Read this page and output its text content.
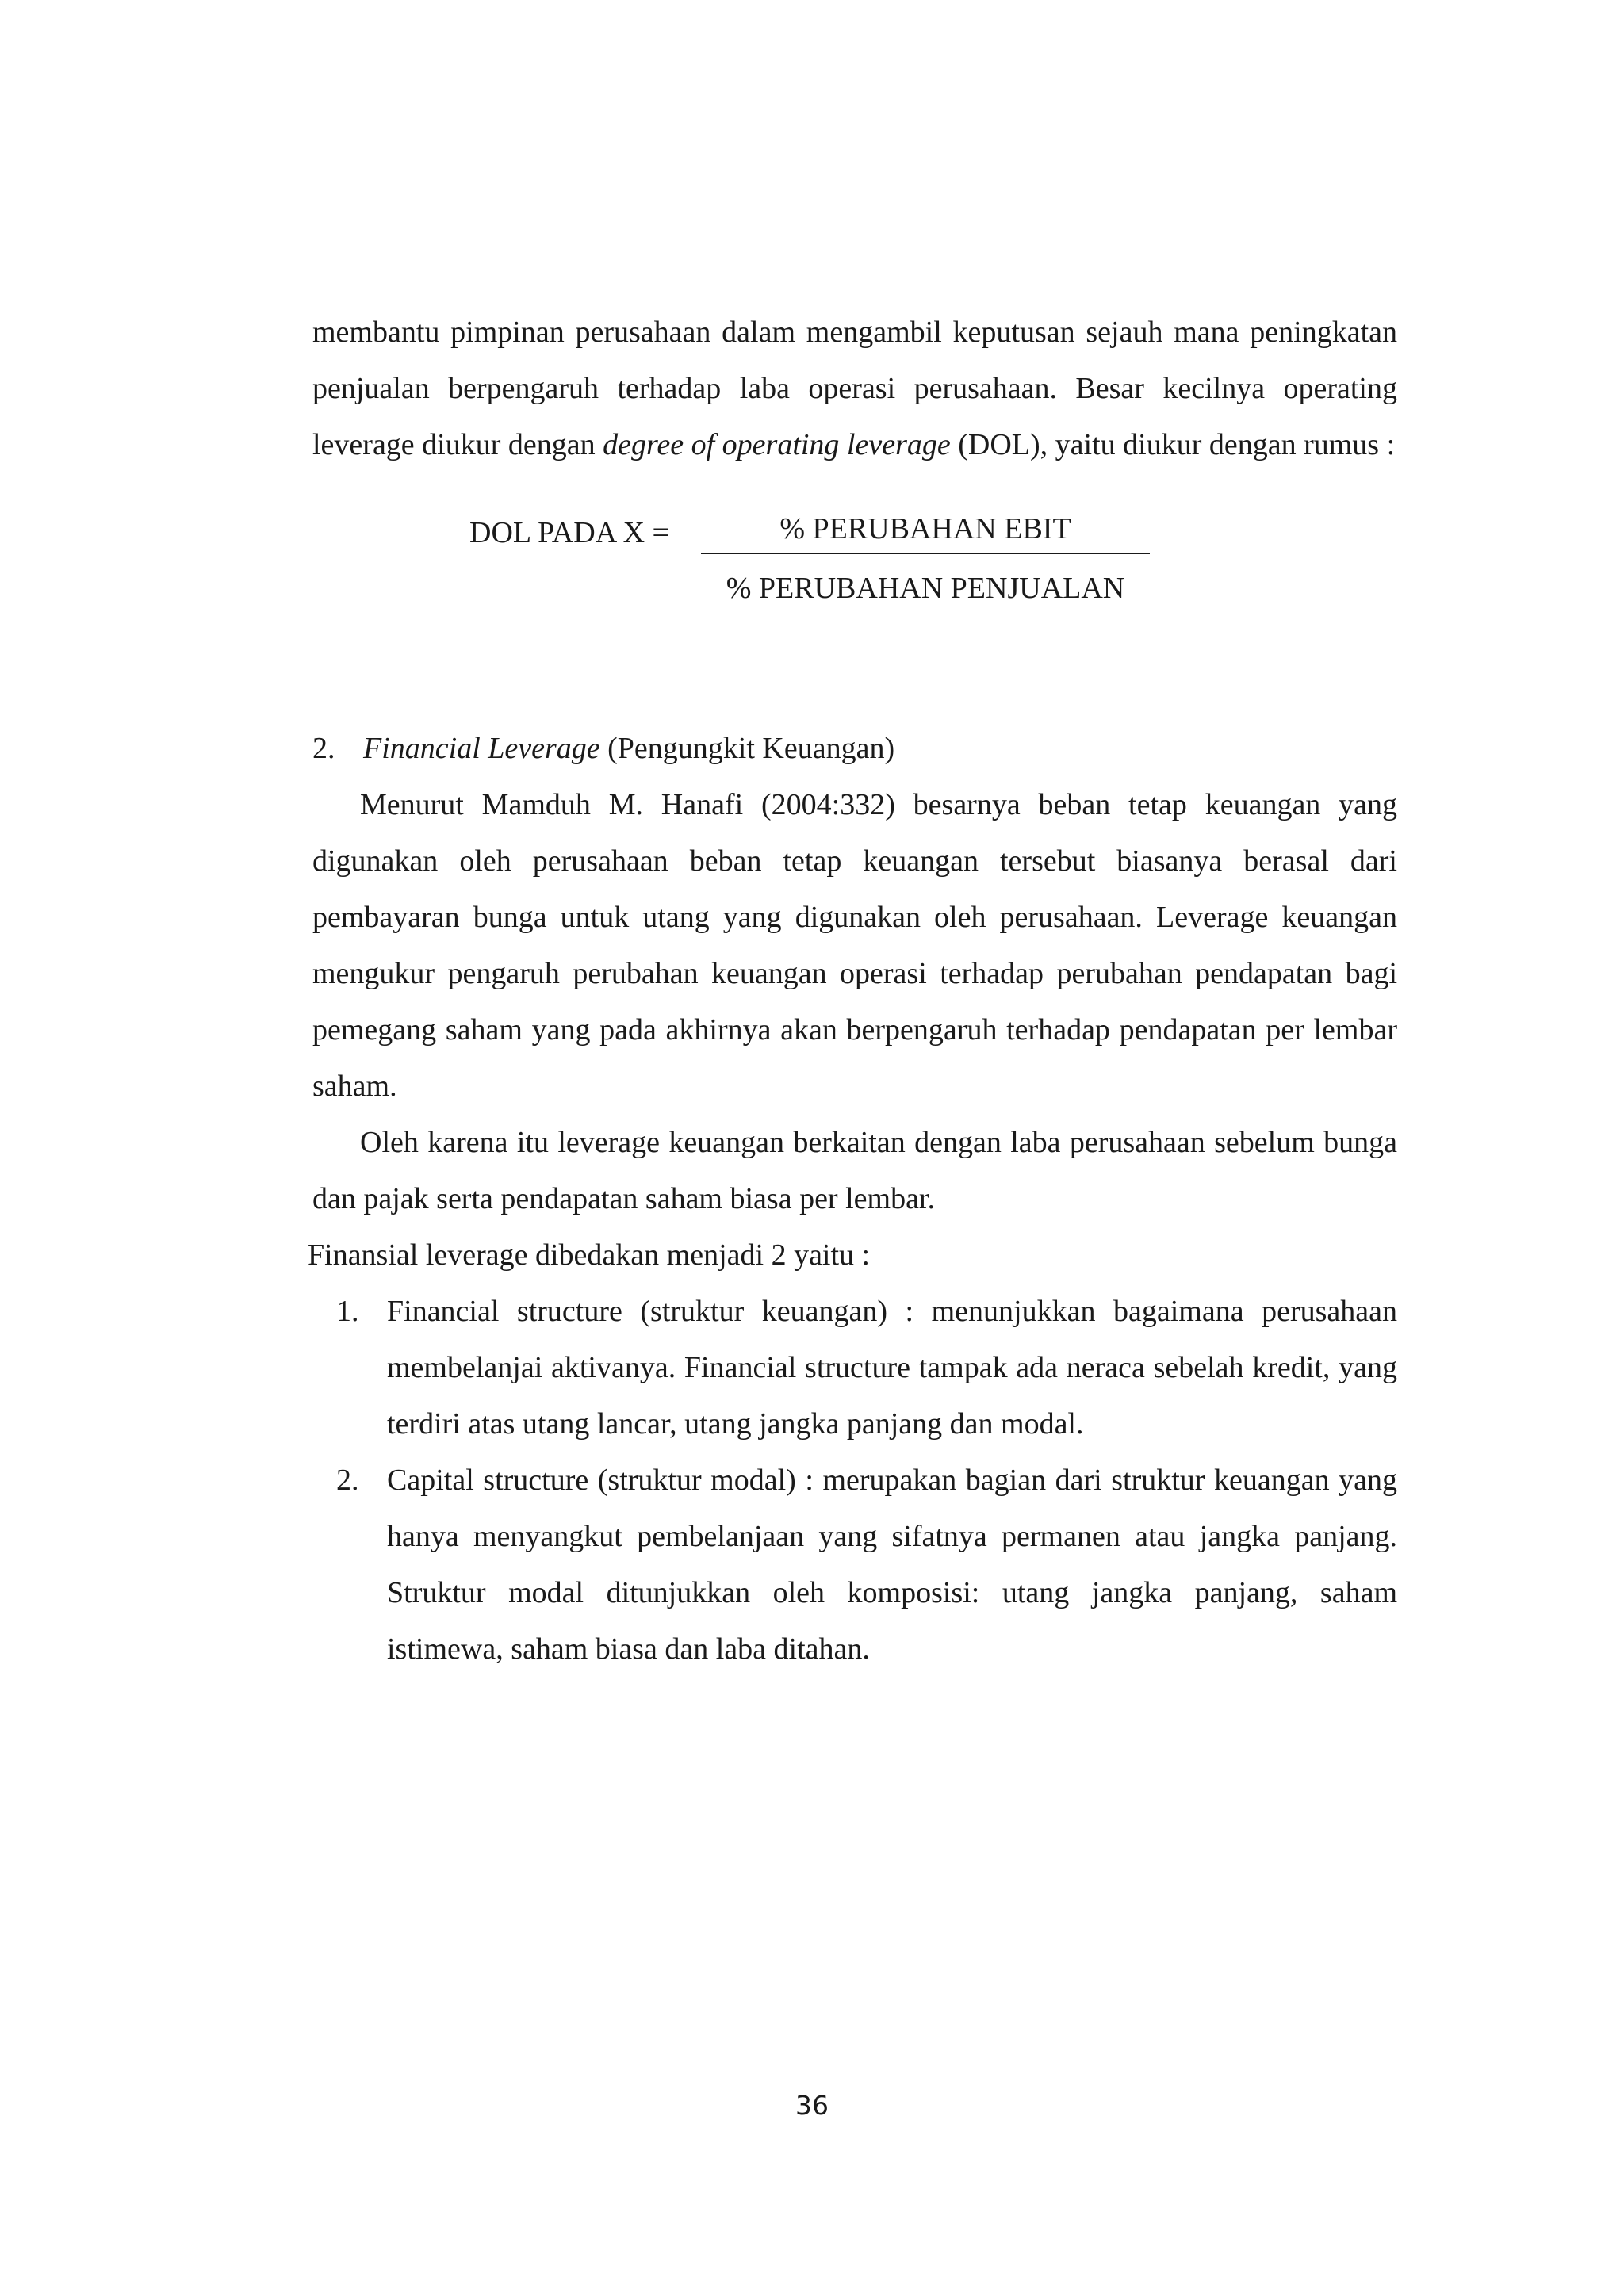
membantu pimpinan perusahaan dalam mengambil keputusan sejauh mana peningkatan penjualan berpengaruh terhadap laba operasi perusahaan. Besar kecilnya operating leverage diukur dengan degree of operating leverage (DOL), yaitu diukur dengan rumus :

DOL PADA X =	% PERUBAHAN EBIT
% PERUBAHAN PENJUALAN

2. Financial Leverage (Pengungkit Keuangan)

Menurut Mamduh M. Hanafi (2004:332) besarnya beban tetap keuangan yang digunakan oleh perusahaan beban tetap keuangan tersebut biasanya berasal dari pembayaran bunga untuk utang yang digunakan oleh perusahaan. Leverage keuangan mengukur pengaruh perubahan keuangan operasi terhadap perubahan pendapatan bagi pemegang saham yang pada akhirnya akan berpengaruh terhadap pendapatan per lembar saham.

Oleh karena itu leverage keuangan berkaitan dengan laba perusahaan sebelum bunga dan pajak serta pendapatan saham biasa per lembar.

Finansial leverage dibedakan menjadi 2 yaitu :

1. Financial structure (struktur keuangan) : menunjukkan bagaimana perusahaan membelanjai aktivanya. Financial structure tampak ada neraca sebelah kredit, yang terdiri atas utang lancar, utang jangka panjang dan modal.
2. Capital structure (struktur modal) : merupakan bagian dari struktur keuangan yang hanya menyangkut pembelanjaan yang sifatnya permanen atau jangka panjang. Struktur modal ditunjukkan oleh komposisi: utang jangka panjang, saham istimewa, saham biasa dan laba ditahan.
36
